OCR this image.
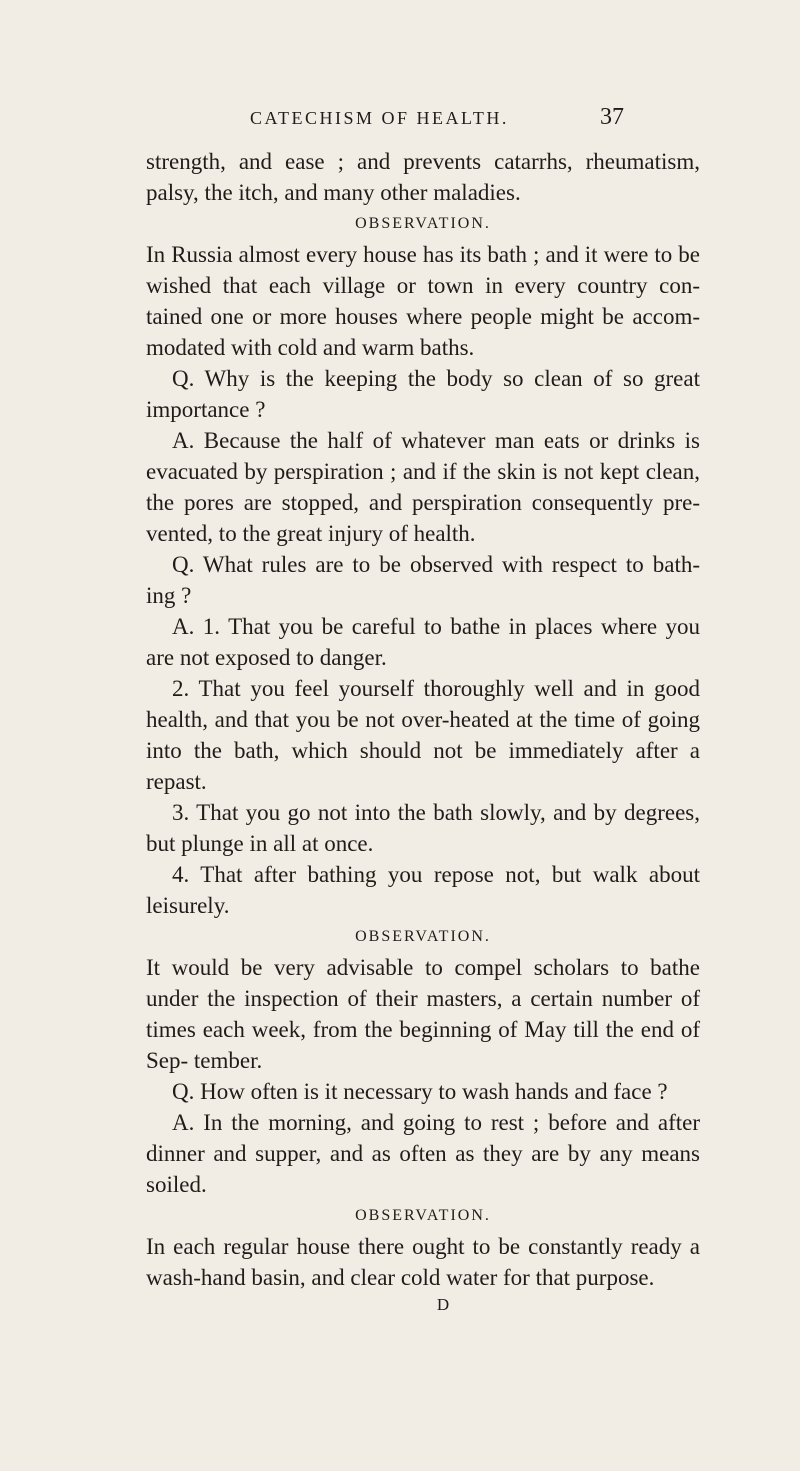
CATECHISM OF HEALTH.	37

strength, and ease ; and prevents catarrhs, rheumatism, palsy, the itch, and many other maladies.

OBSERVATION.

In Russia almost every house has its bath ; and it were to be wished that each village or town in every country con- tained one or more houses where people might be accom- modated with cold and warm baths.

Q. Why is the keeping the body so clean of so great importance ?

A. Because the half of whatever man eats or drinks is evacuated by perspiration ; and if the skin is not kept clean, the pores are stopped, and perspiration consequently pre- vented, to the great injury of health.

Q. What rules are to be observed with respect to bath- ing ?

A. 1. That you be careful to bathe in places where you are not exposed to danger.

2. That you feel yourself thoroughly well and in good health, and that you be not over-heated at the time of going into the bath, which should not be immediately after a repast.

3. That you go not into the bath slowly, and by degrees, but plunge in all at once.

4. That after bathing you repose not, but walk about leisurely.

OBSERVATION.

It would be very advisable to compel scholars to bathe under the inspection of their masters, a certain number of times each week, from the beginning of May till the end of Sep- tember.

Q. How often is it necessary to wash hands and face ?

A. In the morning, and going to rest ; before and after dinner and supper, and as often as they are by any means soiled.

OBSERVATION.

In each regular house there ought to be constantly ready a wash-hand basin, and clear cold water for that purpose.

D
